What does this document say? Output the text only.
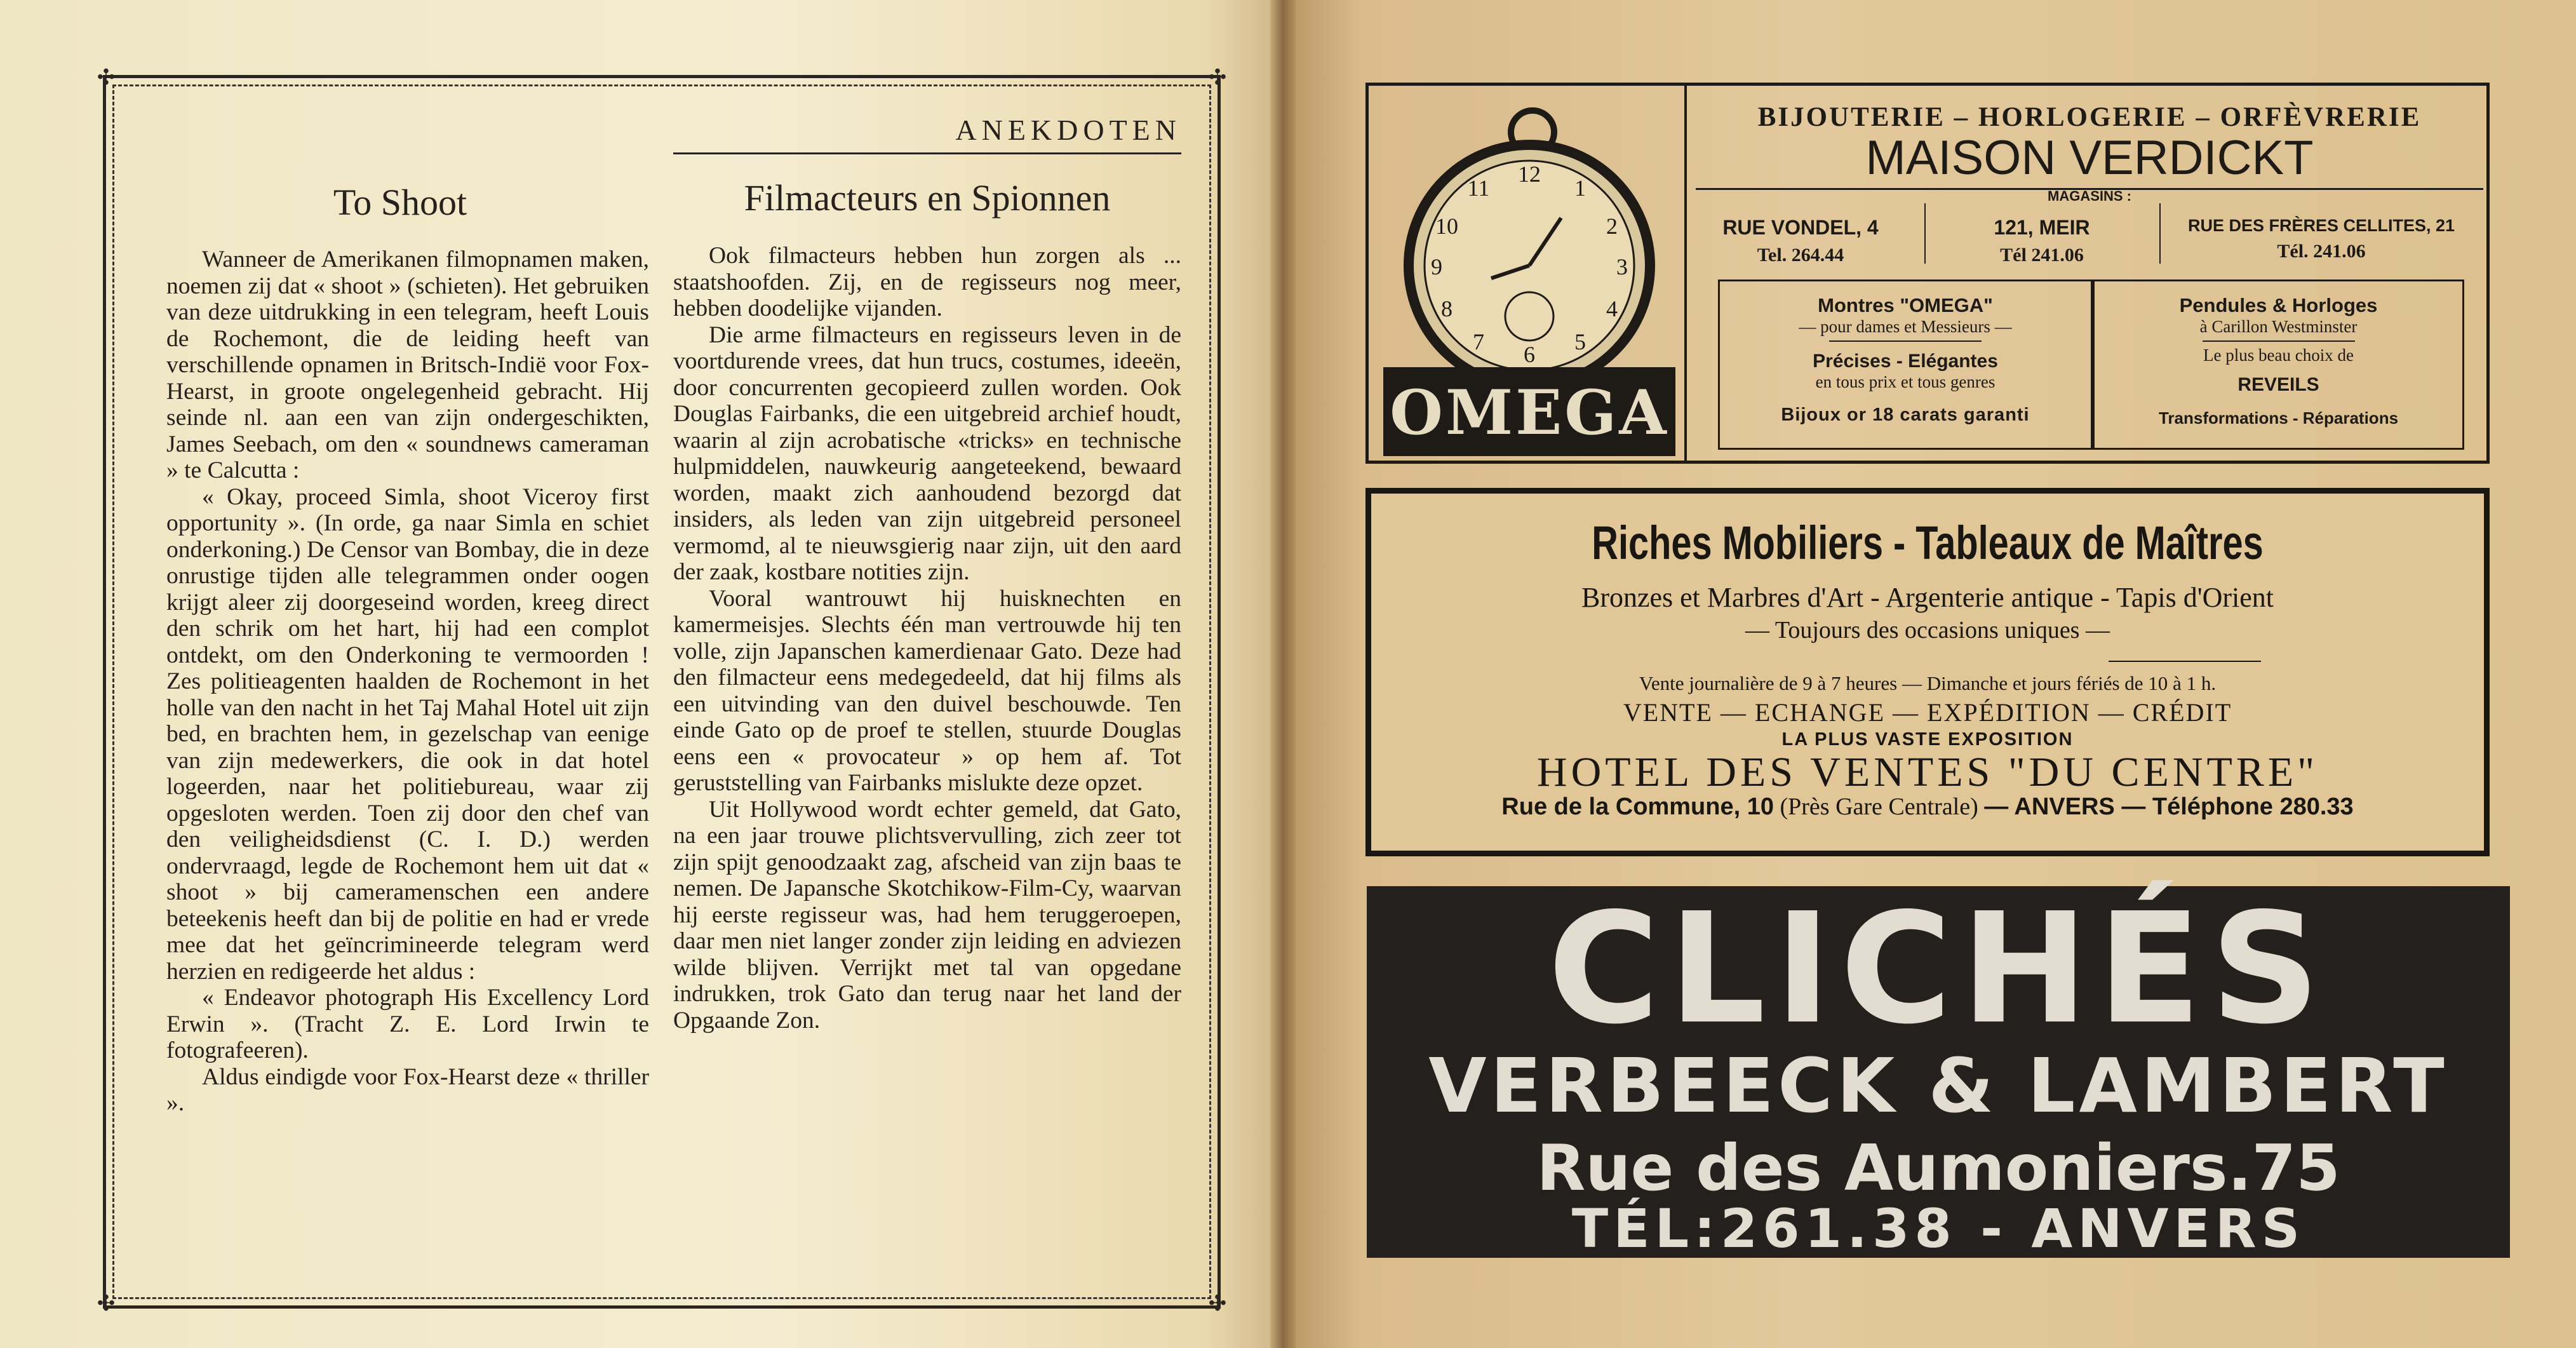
✣	✣
✣	✣
ANEKDOTEN
To Shoot

Wanneer de Amerikanen filmopnamen maken, noemen zij dat « shoot » (schieten). Het gebruiken van deze uitdrukking in een telegram, heeft Louis de Rochemont, die de leiding heeft van verschillende opnamen in Britsch-Indië voor Fox-Hearst, in groote ongelegenheid gebracht. Hij seinde nl. aan een van zijn ondergeschikten, James Seebach, om den « soundnews cameraman » te Calcutta :

« Okay, proceed Simla, shoot Viceroy first opportunity ». (In orde, ga naar Simla en schiet onderkoning.) De Censor van Bombay, die in deze onrustige tijden alle telegrammen onder oogen krijgt aleer zij doorgeseind worden, kreeg direct den schrik om het hart, hij had een complot ontdekt, om den Onderkoning te vermoorden ! Zes politieagenten haalden de Rochemont in het holle van den nacht in het Taj Mahal Hotel uit zijn bed, en brachten hem, in gezelschap van eenige van zijn medewerkers, die ook in dat hotel logeerden, naar het politiebureau, waar zij opgesloten werden. Toen zij door den chef van den veiligheidsdienst (C. I. D.) werden ondervraagd, legde de Rochemont hem uit dat « shoot » bij cameramenschen een andere beteekenis heeft dan bij de politie en had er vrede mee dat het geïncrimineerde telegram werd herzien en redigeerde het aldus :

« Endeavor photograph His Excellency Lord Erwin ». (Tracht Z. E. Lord Irwin te fotografeeren).

Aldus eindigde voor Fox-Hearst deze « thriller ».

Filmacteurs en Spionnen

Ook filmacteurs hebben hun zorgen als ... staatshoofden. Zij, en de regisseurs nog meer, hebben doodelijke vijanden.

Die arme filmacteurs en regisseurs leven in de voortdurende vrees, dat hun trucs, costumes, ideeën, door concurrenten gecopieerd zullen worden. Ook Douglas Fairbanks, die een uitgebreid archief houdt, waarin al zijn acrobatische «tricks» en technische hulpmiddelen, nauwkeurig aangeteekend, bewaard worden, maakt zich aanhoudend bezorgd dat insiders, als leden van zijn uitgebreid personeel vermomd, al te nieuwsgierig naar zijn, uit den aard der zaak, kostbare notities zijn.

Vooral wantrouwt hij huisknechten en kamermeisjes. Slechts één man vertrouwde hij ten volle, zijn Japanschen kamerdienaar Gato. Deze had den filmacteur eens medegedeeld, dat hij films als een uitvinding van den duivel beschouwde. Ten einde Gato op de proef te stellen, stuurde Douglas eens een « provocateur » op hem af. Tot geruststelling van Fairbanks mislukte deze opzet.

Uit Hollywood wordt echter gemeld, dat Gato, na een jaar trouwe plichtsvervulling, zich zeer tot zijn spijt genoodzaakt zag, afscheid van zijn baas te nemen. De Japansche Skotchikow-Film-Cy, waarvan hij eerste regisseur was, had hem teruggeroepen, daar men niet langer zonder zijn leiding en adviezen wilde blijven. Verrijkt met tal van opgedane indrukken, trok Gato dan terug naar het land der Opgaande Zon.

12
1
2
3
4
5
6
7
8
9
10
11
OMEGA
BIJOUTERIE – HORLOGERIE – ORFÈVRERIE
MAISON VERDICKT
MAGASINS :
RUE VONDEL, 4
Tel. 264.44
121, MEIR
Tél 241.06
RUE DES FRÈRES CELLITES, 21
Tél. 241.06
Montres "OMEGA"
— pour dames et Messieurs —
Précises - Elégantes
en tous prix et tous genres
Bijoux or 18 carats garanti
Pendules & Horloges
à Carillon Westminster
Le plus beau choix de
REVEILS
Transformations - Réparations
Riches Mobiliers - Tableaux de Maîtres
Bronzes et Marbres d'Art - Argenterie antique - Tapis d'Orient
— Toujours des occasions uniques —
Vente journalière de 9 à 7 heures — Dimanche et jours fériés de 10 à 1 h.
VENTE — ECHANGE — EXPÉDITION — CRÉDIT
LA PLUS VASTE EXPOSITION
HOTEL DES VENTES "DU CENTRE"
Rue de la Commune, 10 (Près Gare Centrale) — ANVERS — Téléphone 280.33
CLICHÉS
VERBEECK & LAMBERT
Rue des Aumoniers.75
TÉL:261.38 - ANVERS
